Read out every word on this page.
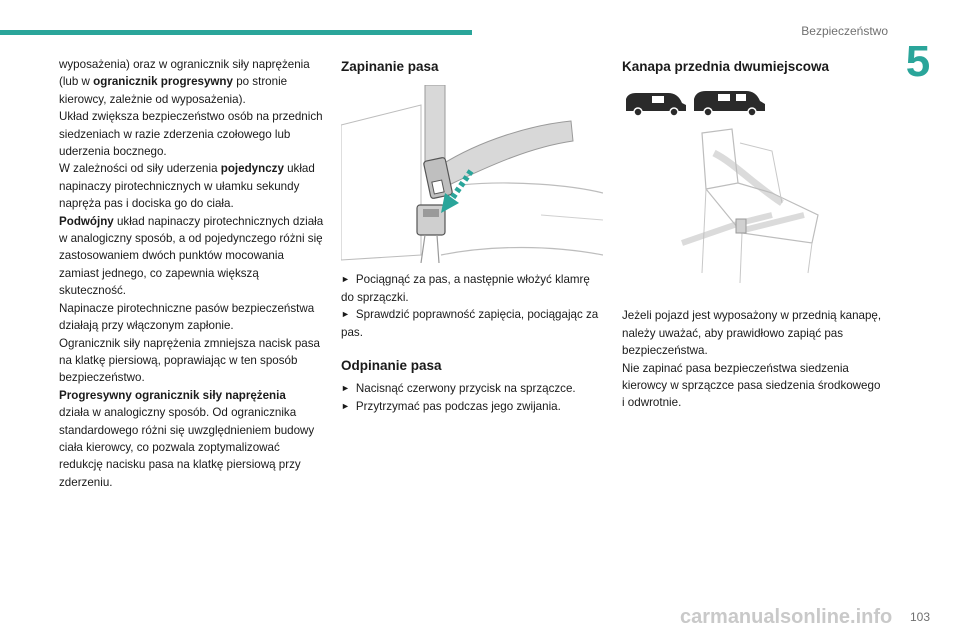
Bezpieczeństwo
5

wyposażenia) oraz w ogranicznik siły naprężenia (lub w ogranicznik progresywny po stronie kierowcy, zależnie od wyposażenia).

Układ zwiększa bezpieczeństwo osób na przednich siedzeniach w razie zderzenia czołowego lub uderzenia bocznego.

W zależności od siły uderzenia pojedynczy układ napinaczy pirotechnicznych w ułamku sekundy napręża pas i dociska go do ciała.

Podwójny układ napinaczy pirotechnicznych działa w analogiczny sposób, a od pojedynczego różni się zastosowaniem dwóch punktów mocowania zamiast jednego, co zapewnia większą skuteczność.

Napinacze pirotechniczne pasów bezpieczeństwa działają przy włączonym zapłonie.

Ogranicznik siły naprężenia zmniejsza nacisk pasa na klatkę piersiową, poprawiając w ten sposób bezpieczeństwo.

Progresywny ogranicznik siły naprężenia

działa w analogiczny sposób. Od ogranicznika standardowego różni się uwzględnieniem budowy ciała kierowcy, co pozwala zoptymalizować redukcję nacisku pasa na klatkę piersiową przy zderzeniu.

Zapinanie pasa

► Pociągnąć za pas, a następnie włożyć klamrę do sprzączki.

► Sprawdzić poprawność zapięcia, pociągając za pas.

Odpinanie pasa

► Nacisnąć czerwony przycisk na sprzączce.

► Przytrzymać pas podczas jego zwijania.

Kanapa przednia dwumiejscowa

Jeżeli pojazd jest wyposażony w przednią kanapę, należy uważać, aby prawidłowo zapiąć pas bezpieczeństwa.

Nie zapinać pasa bezpieczeństwa siedzenia kierowcy w sprzączce pasa siedzenia środkowego i odwrotnie.

carmanualsonline.info 103
